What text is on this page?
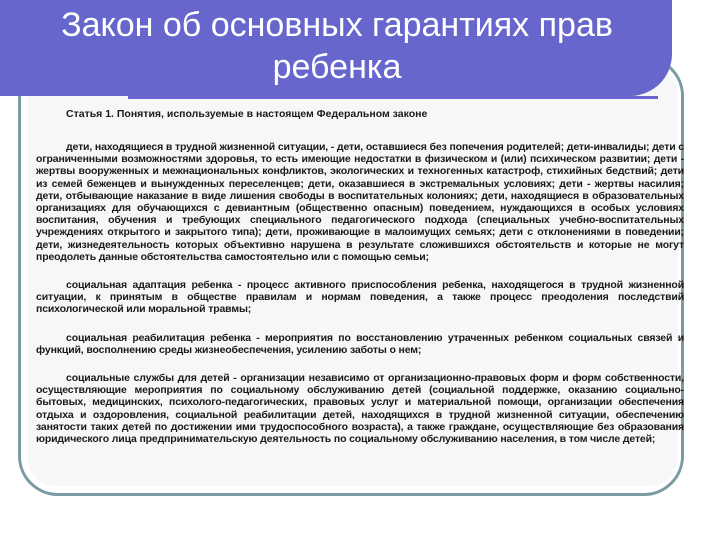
Закон об основных гарантиях прав ребенка

Статья 1. Понятия, используемые в настоящем Федеральном законе

дети, находящиеся в трудной жизненной ситуации, - дети, оставшиеся без попечения родителей; дети-инвалиды; дети с ограниченными возможностями здоровья, то есть имеющие недостатки в физическом и (или) психическом развитии; дети - жертвы вооруженных и межнациональных конфликтов, экологических и техногенных катастроф, стихийных бедствий; дети из семей беженцев и вынужденных переселенцев; дети, оказавшиеся в экстремальных условиях; дети - жертвы насилия; дети, отбывающие наказание в виде лишения свободы в воспитательных колониях; дети, находящиеся в образовательных организациях для обучающихся с девиантным (общественно опасным) поведением, нуждающихся в особых условиях воспитания, обучения и требующих специального педагогического подхода (специальных учебно-воспитательных учреждениях открытого и закрытого типа); дети, проживающие в малоимущих семьях; дети с отклонениями в поведении; дети, жизнедеятельность которых объективно нарушена в результате сложившихся обстоятельств и которые не могут преодолеть данные обстоятельства самостоятельно или с помощью семьи;

социальная адаптация ребенка - процесс активного приспособления ребенка, находящегося в трудной жизненной ситуации, к принятым в обществе правилам и нормам поведения, а также процесс преодоления последствий психологической или моральной травмы;

социальная реабилитация ребенка - мероприятия по восстановлению утраченных ребенком социальных связей и функций, восполнению среды жизнеобеспечения, усилению заботы о нем;

социальные службы для детей - организации независимо от организационно-правовых форм и форм собственности, осуществляющие мероприятия по социальному обслуживанию детей (социальной поддержке, оказанию социально-бытовых, медицинских, психолого-педагогических, правовых услуг и материальной помощи, организации обеспечения отдыха и оздоровления, социальной реабилитации детей, находящихся в трудной жизненной ситуации, обеспечению занятости таких детей по достижении ими трудоспособного возраста), а также граждане, осуществляющие без образования юридического лица предпринимательскую деятельность по социальному обслуживанию населения, в том числе детей;
